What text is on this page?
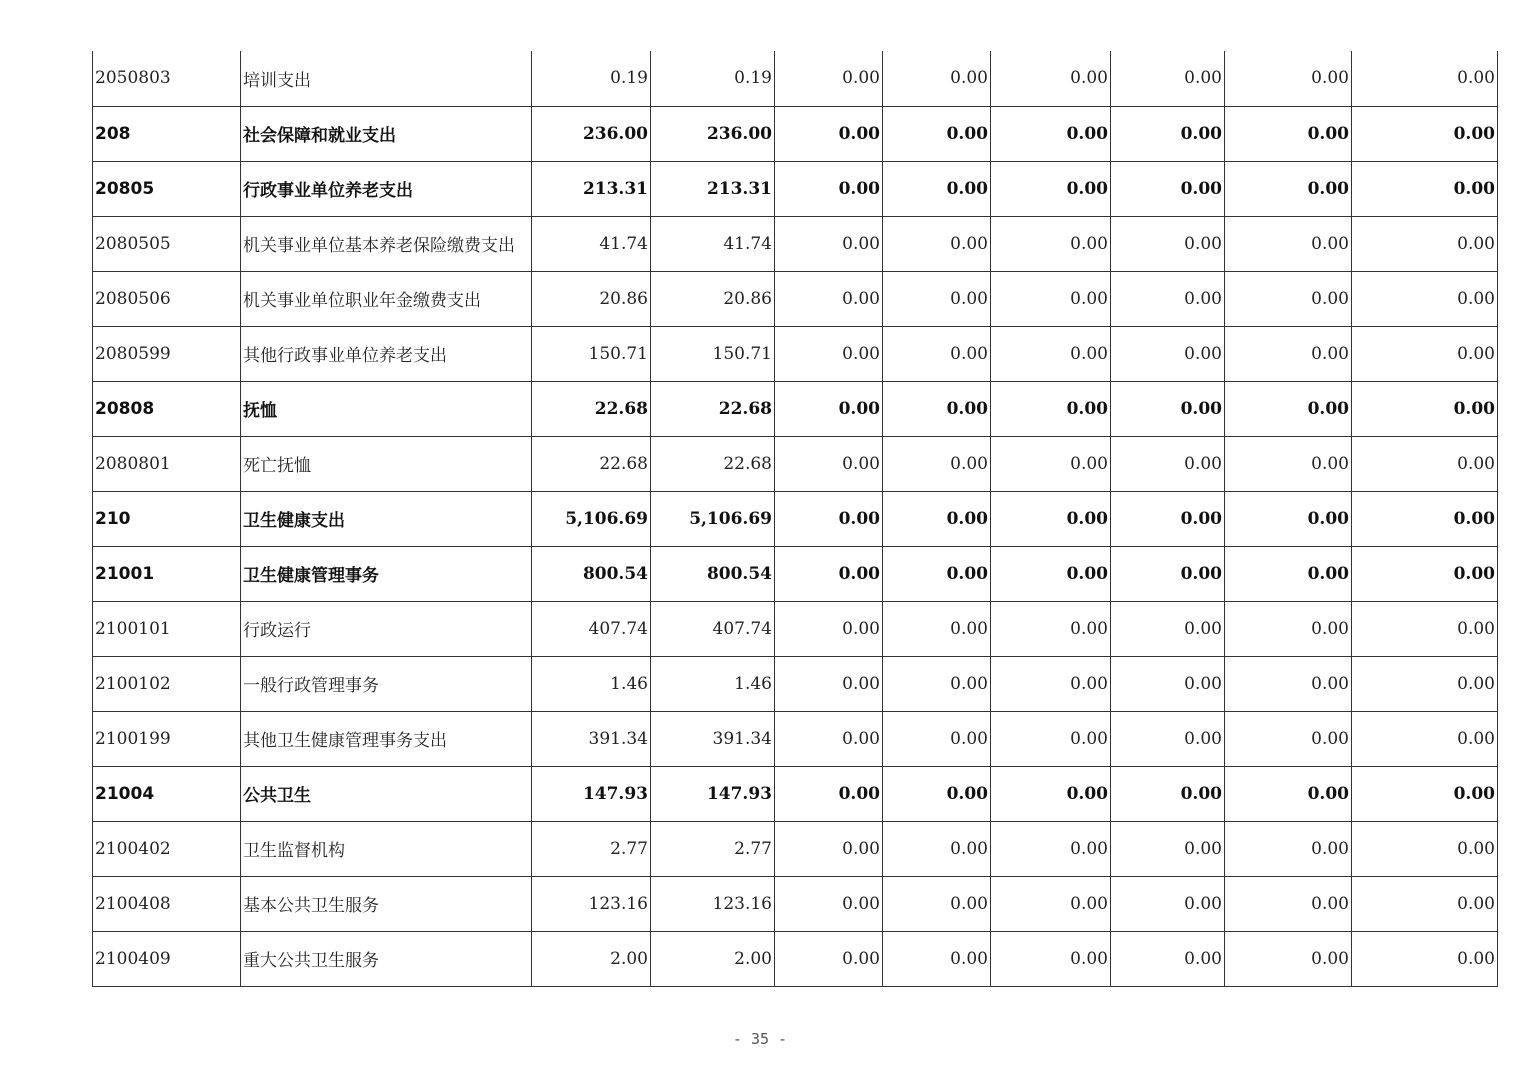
2050803	培训支出	0.19	0.19	0.00	0.00	0.00	0.00	0.00	0.00
208	社会保障和就业支出	236.00	236.00	0.00	0.00	0.00	0.00	0.00	0.00
20805	行政事业单位养老支出	213.31	213.31	0.00	0.00	0.00	0.00	0.00	0.00
2080505	机关事业单位基本养老保险缴费支出	41.74	41.74	0.00	0.00	0.00	0.00	0.00	0.00
2080506	机关事业单位职业年金缴费支出	20.86	20.86	0.00	0.00	0.00	0.00	0.00	0.00
2080599	其他行政事业单位养老支出	150.71	150.71	0.00	0.00	0.00	0.00	0.00	0.00
20808	抚恤	22.68	22.68	0.00	0.00	0.00	0.00	0.00	0.00
2080801	死亡抚恤	22.68	22.68	0.00	0.00	0.00	0.00	0.00	0.00
210	卫生健康支出	5,106.69	5,106.69	0.00	0.00	0.00	0.00	0.00	0.00
21001	卫生健康管理事务	800.54	800.54	0.00	0.00	0.00	0.00	0.00	0.00
2100101	行政运行	407.74	407.74	0.00	0.00	0.00	0.00	0.00	0.00
2100102	一般行政管理事务	1.46	1.46	0.00	0.00	0.00	0.00	0.00	0.00
2100199	其他卫生健康管理事务支出	391.34	391.34	0.00	0.00	0.00	0.00	0.00	0.00
21004	公共卫生	147.93	147.93	0.00	0.00	0.00	0.00	0.00	0.00
2100402	卫生监督机构	2.77	2.77	0.00	0.00	0.00	0.00	0.00	0.00
2100408	基本公共卫生服务	123.16	123.16	0.00	0.00	0.00	0.00	0.00	0.00
2100409	重大公共卫生服务	2.00	2.00	0.00	0.00	0.00	0.00	0.00	0.00
- 35 -
